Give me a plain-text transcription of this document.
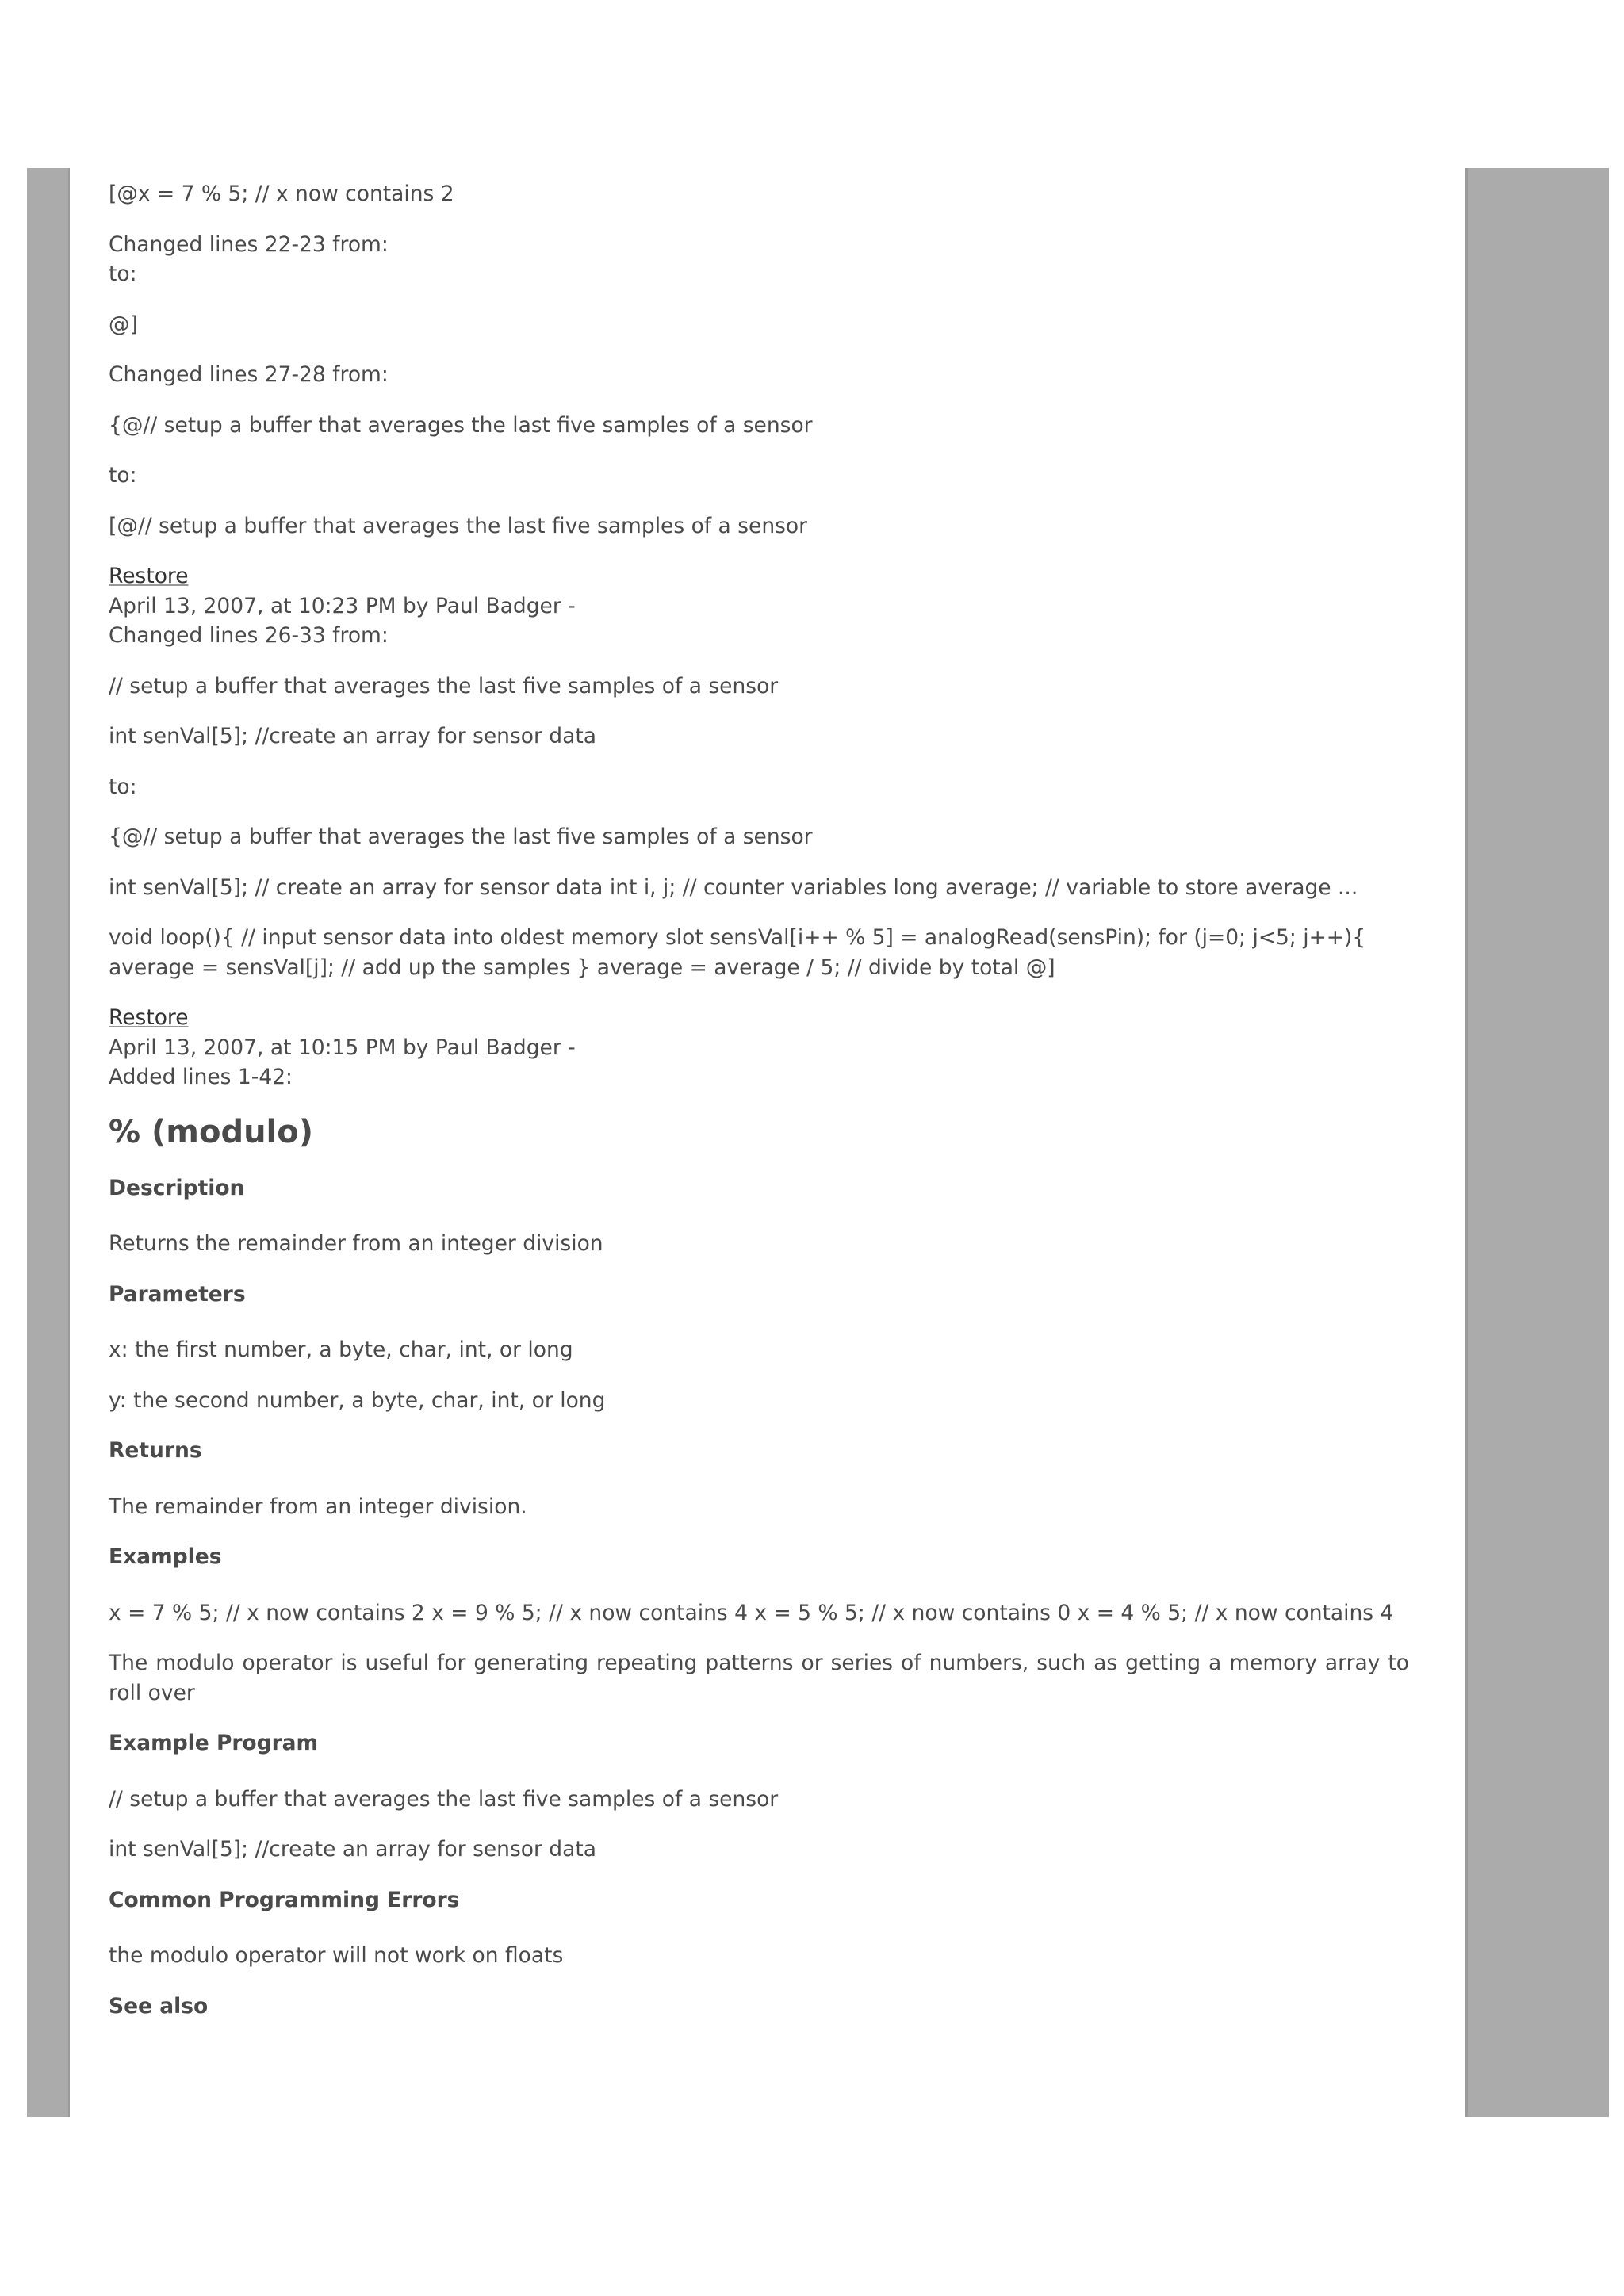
[@x = 7 % 5; // x now contains 2

Changed lines 22-23 from:
to:

@]

Changed lines 27-28 from:

{@// setup a buffer that averages the last five samples of a sensor

to:

[@// setup a buffer that averages the last five samples of a sensor

Restore
April 13, 2007, at 10:23 PM by Paul Badger -
Changed lines 26-33 from:

// setup a buffer that averages the last five samples of a sensor

int senVal[5]; //create an array for sensor data

to:

{@// setup a buffer that averages the last five samples of a sensor

int senVal[5]; // create an array for sensor data int i, j; // counter variables long average; // variable to store average ...

void loop(){ // input sensor data into oldest memory slot sensVal[i++ % 5] = analogRead(sensPin); for (j=0; j<5; j++){ average = sensVal[j]; // add up the samples } average = average / 5; // divide by total @]

Restore
April 13, 2007, at 10:15 PM by Paul Badger -
Added lines 1-42:
% (modulo)
Description

Returns the remainder from an integer division

Parameters

x: the first number, a byte, char, int, or long

y: the second number, a byte, char, int, or long

Returns

The remainder from an integer division.

Examples

x = 7 % 5; // x now contains 2 x = 9 % 5; // x now contains 4 x = 5 % 5; // x now contains 0 x = 4 % 5; // x now contains 4

The modulo operator is useful for generating repeating patterns or series of numbers, such as getting a memory array to roll over

Example Program

// setup a buffer that averages the last five samples of a sensor

int senVal[5]; //create an array for sensor data

Common Programming Errors

the modulo operator will not work on floats

See also
